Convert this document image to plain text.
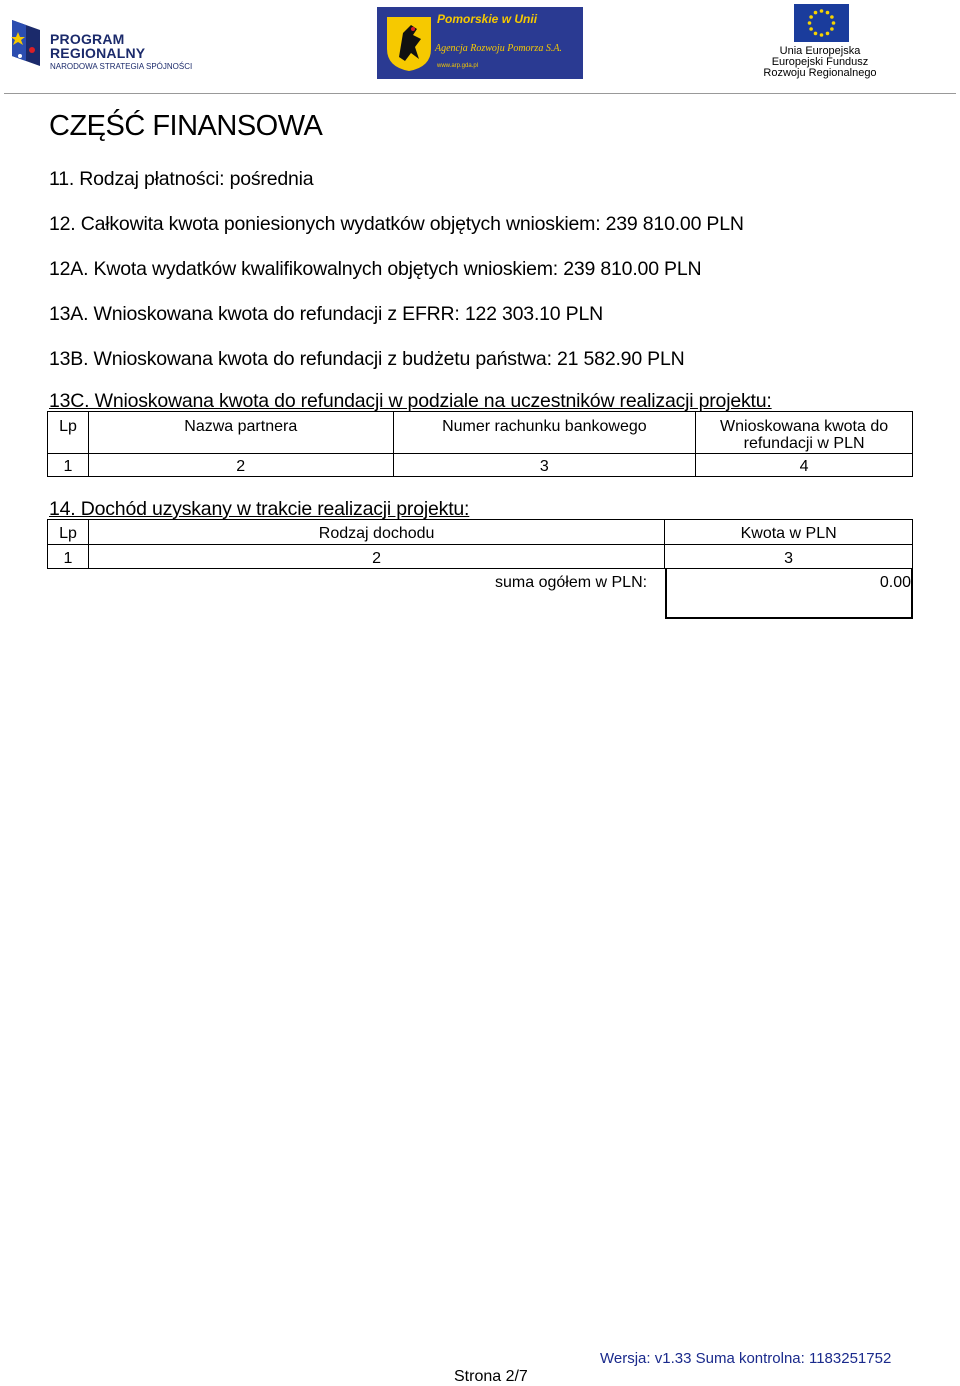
PROGRAM REGIONALNY
NARODOWA STRATEGIA SPÓJNOŚCI
Pomorskie w Unii
Agencja Rozwoju Pomorza S.A.
www.arp.gda.pl
Unia Europejska
Europejski Fundusz
Rozwoju Regionalnego
CZĘŚĆ FINANSOWA
11. Rodzaj płatności: pośrednia
12. Całkowita kwota poniesionych wydatków objętych wnioskiem: 239 810.00 PLN
12A. Kwota wydatków kwalifikowalnych objętych wnioskiem: 239 810.00 PLN
13A. Wnioskowana kwota do refundacji z EFRR: 122 303.10 PLN
13B. Wnioskowana kwota do refundacji z budżetu państwa: 21 582.90 PLN
13C. Wnioskowana kwota do refundacji w podziale na uczestników realizacji projektu:
Lp	Nazwa partnera	Numer rachunku bankowego	Wnioskowana kwota do refundacji w PLN
1	2	3	4
14. Dochód uzyskany w trakcie realizacji projektu:
Lp	Rodzaj dochodu	Kwota w PLN
1	2	3
suma ogółem w PLN:	0.00
Wersja: v1.33 Suma kontrolna: 1183251752
Strona 2/7
